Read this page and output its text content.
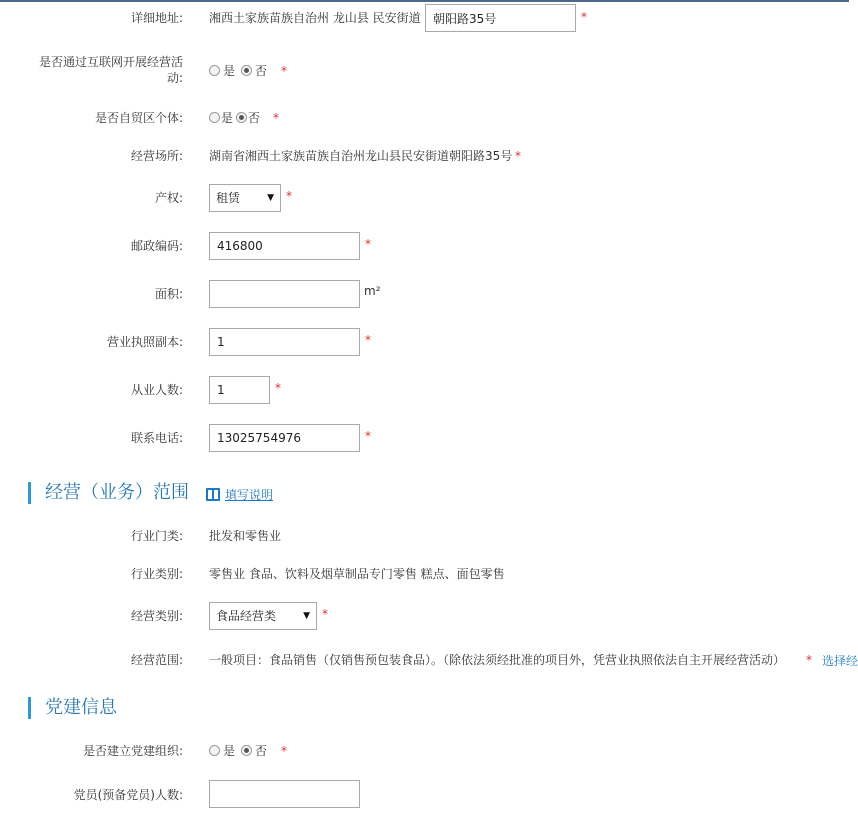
详细地址: 湘西土家族苗族自治州 龙山县 民安街道
朝阳路35号	*
是否通过互联网开展经营活
动:	是 否	*
是否自贸区个体:	是 否 *
经营场所: 湖南省湘西土家族苗族自治州龙山县民安街道朝阳路35号 *
产权:	租赁	▼ *
邮政编码:
416800	*
面积:	m²
营业执照副本:
1	*
从业人数:
1	*
联系电话:
13025754976	*
经营（业务）范围	填写说明
行业门类: 批发和零售业
行业类别: 零售业 食品、饮料及烟草制品专门零售 糕点、面包零售
经营类别:	食品经营类	▼ *
经营范围: 一般项目：食品销售（仅销售预包装食品）。（除依法须经批准的项目外，凭营业执照依法自主开展经营活动） * 选择经
党建信息
是否建立党建组织:	是 否	*
党员(预备党员)人数:
